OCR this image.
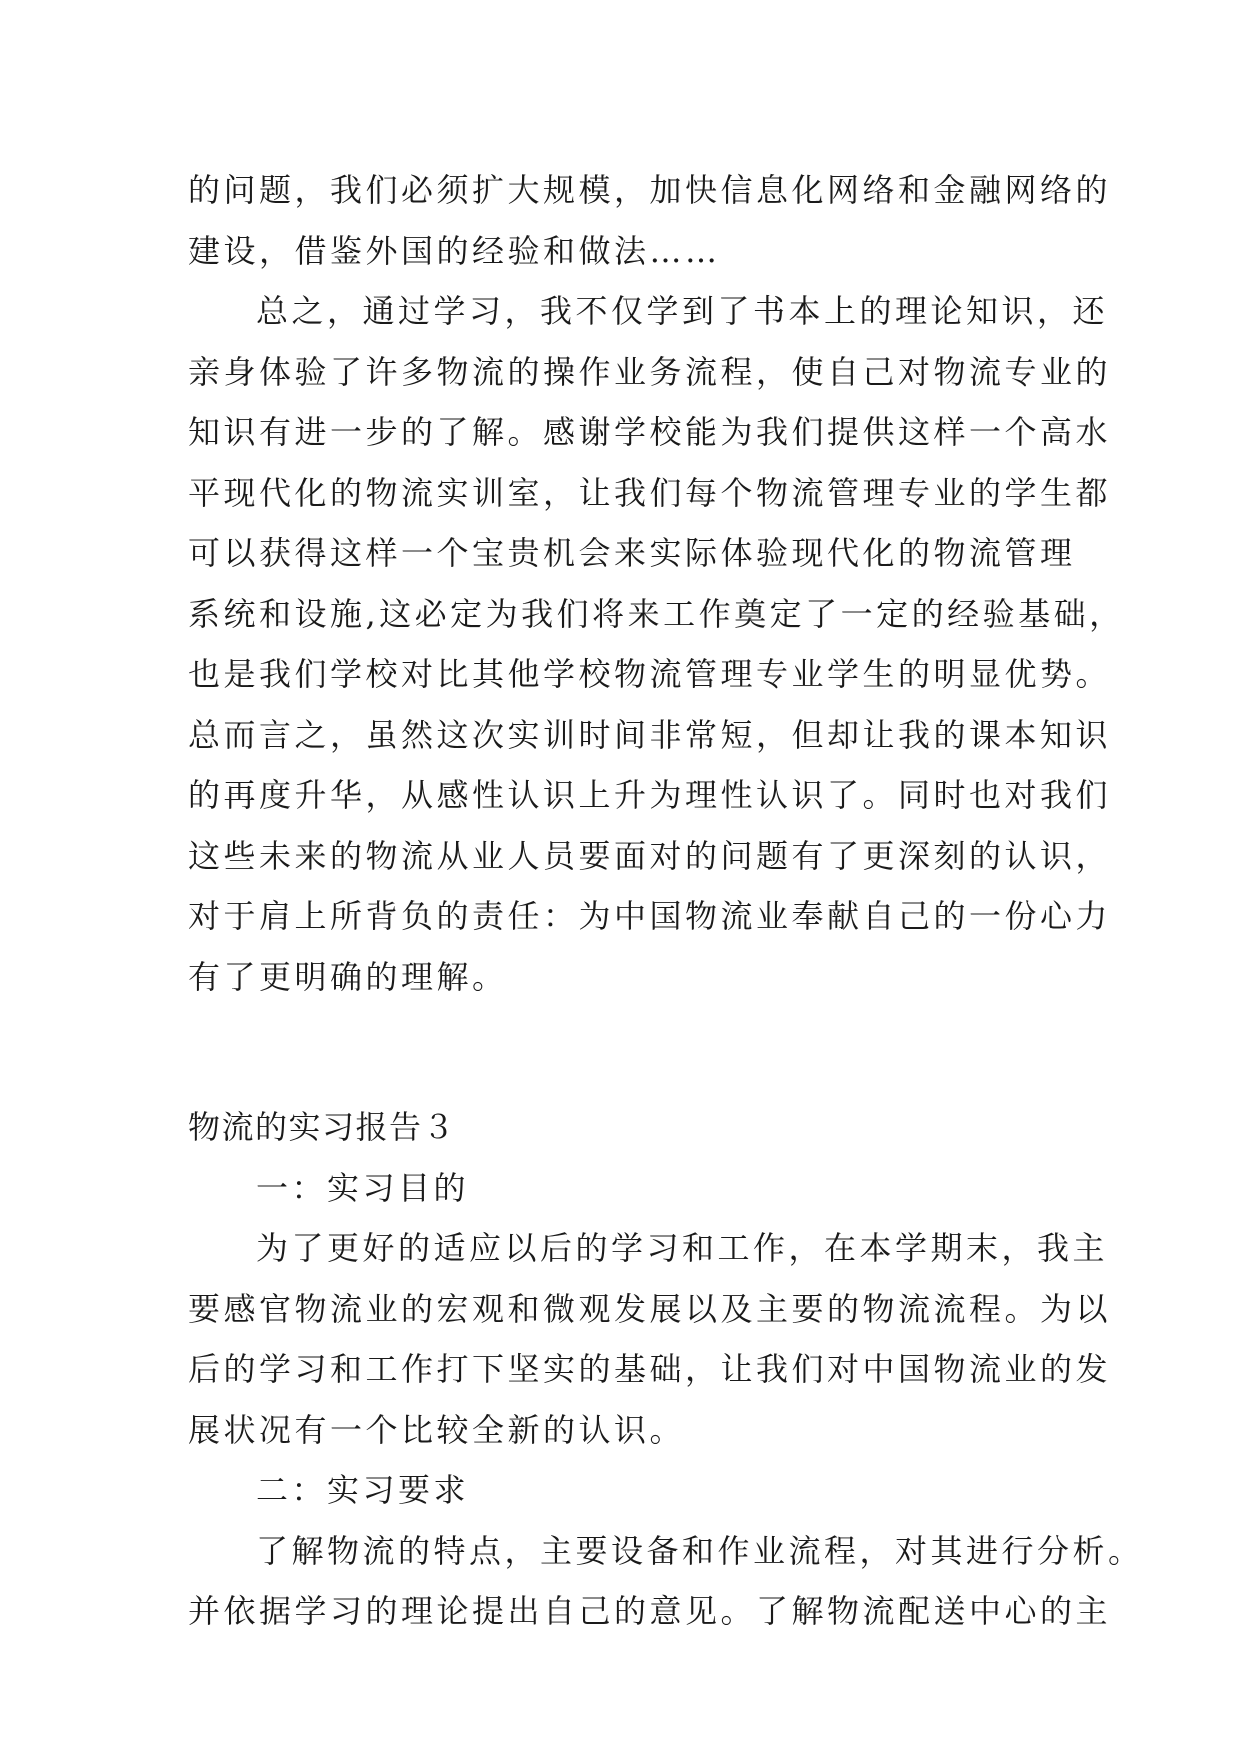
的问题，我们必须扩大规模，加快信息化网络和金融网络的
建设，借鉴外国的经验和做法……
总之，通过学习，我不仅学到了书本上的理论知识，还
亲身体验了许多物流的操作业务流程，使自己对物流专业的
知识有进一步的了解。感谢学校能为我们提供这样一个高水
平现代化的物流实训室，让我们每个物流管理专业的学生都
可以获得这样一个宝贵机会来实际体验现代化的物流管理
系统和设施,这必定为我们将来工作奠定了一定的经验基础，
也是我们学校对比其他学校物流管理专业学生的明显优势。
总而言之，虽然这次实训时间非常短，但却让我的课本知识
的再度升华，从感性认识上升为理性认识了。同时也对我们
这些未来的物流从业人员要面对的问题有了更深刻的认识，
对于肩上所背负的责任：为中国物流业奉献自己的一份心力
有了更明确的理解。
物流的实习报告３
一：实习目的
为了更好的适应以后的学习和工作，在本学期末，我主
要感官物流业的宏观和微观发展以及主要的物流流程。为以
后的学习和工作打下坚实的基础，让我们对中国物流业的发
展状况有一个比较全新的认识。
二：实习要求
了解物流的特点，主要设备和作业流程，对其进行分析。
并依据学习的理论提出自己的意见。了解物流配送中心的主
